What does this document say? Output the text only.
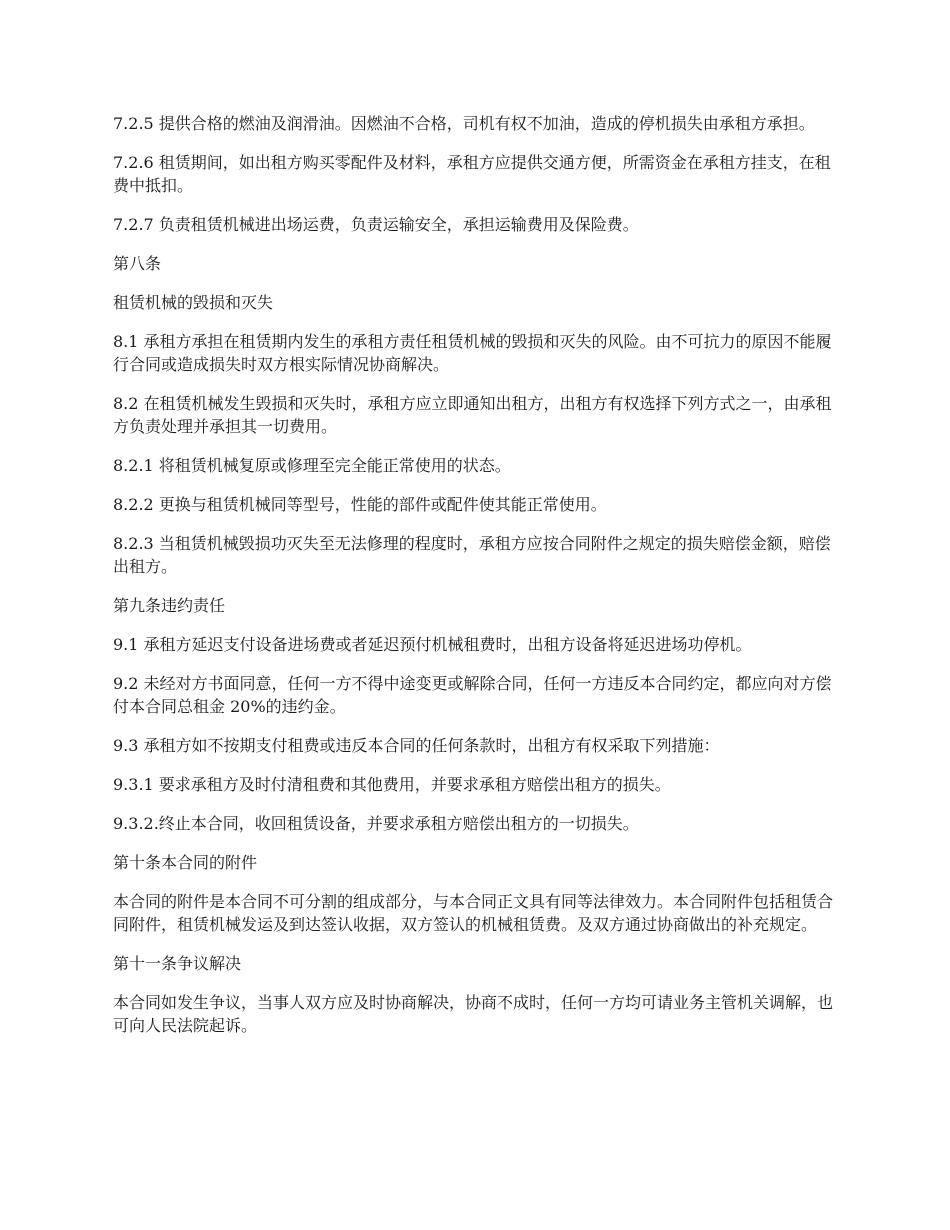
7.2.5 提供合格的燃油及润滑油。因燃油不合格，司机有权不加油，造成的停机损失由承租方承担。

7.2.6 租赁期间，如出租方购买零配件及材料，承租方应提供交通方便，所需资金在承租方挂支，在租费中抵扣。

7.2.7 负责租赁机械进出场运费，负责运输安全，承担运输费用及保险费。

第八条

租赁机械的毁损和灭失

8.1 承租方承担在租赁期内发生的承租方责任租赁机械的毁损和灭失的风险。由不可抗力的原因不能履行合同或造成损失时双方根实际情况协商解决。

8.2 在租赁机械发生毁损和灭失时，承租方应立即通知出租方，出租方有权选择下列方式之一，由承租方负责处理并承担其一切费用。

8.2.1 将租赁机械复原或修理至完全能正常使用的状态。

8.2.2 更换与租赁机械同等型号，性能的部件或配件使其能正常使用。

8.2.3 当租赁机械毁损功灭失至无法修理的程度时，承租方应按合同附件之规定的损失赔偿金额，赔偿出租方。

第九条违约责任

9.1 承租方延迟支付设备进场费或者延迟预付机械租费时，出租方设备将延迟进场功停机。

9.2 未经对方书面同意，任何一方不得中途变更或解除合同，任何一方违反本合同约定，都应向对方偿付本合同总租金 20%的违约金。

9.3 承租方如不按期支付租费或违反本合同的任何条款时，出租方有权采取下列措施：

9.3.1 要求承租方及时付清租费和其他费用，并要求承租方赔偿出租方的损失。

9.3.2.终止本合同，收回租赁设备，并要求承租方赔偿出租方的一切损失。

第十条本合同的附件

本合同的附件是本合同不可分割的组成部分，与本合同正文具有同等法律效力。本合同附件包括租赁合同附件，租赁机械发运及到达签认收据，双方签认的机械租赁费。及双方通过协商做出的补充规定。

第十一条争议解决

本合同如发生争议，当事人双方应及时协商解决，协商不成时，任何一方均可请业务主管机关调解，也可向人民法院起诉。
